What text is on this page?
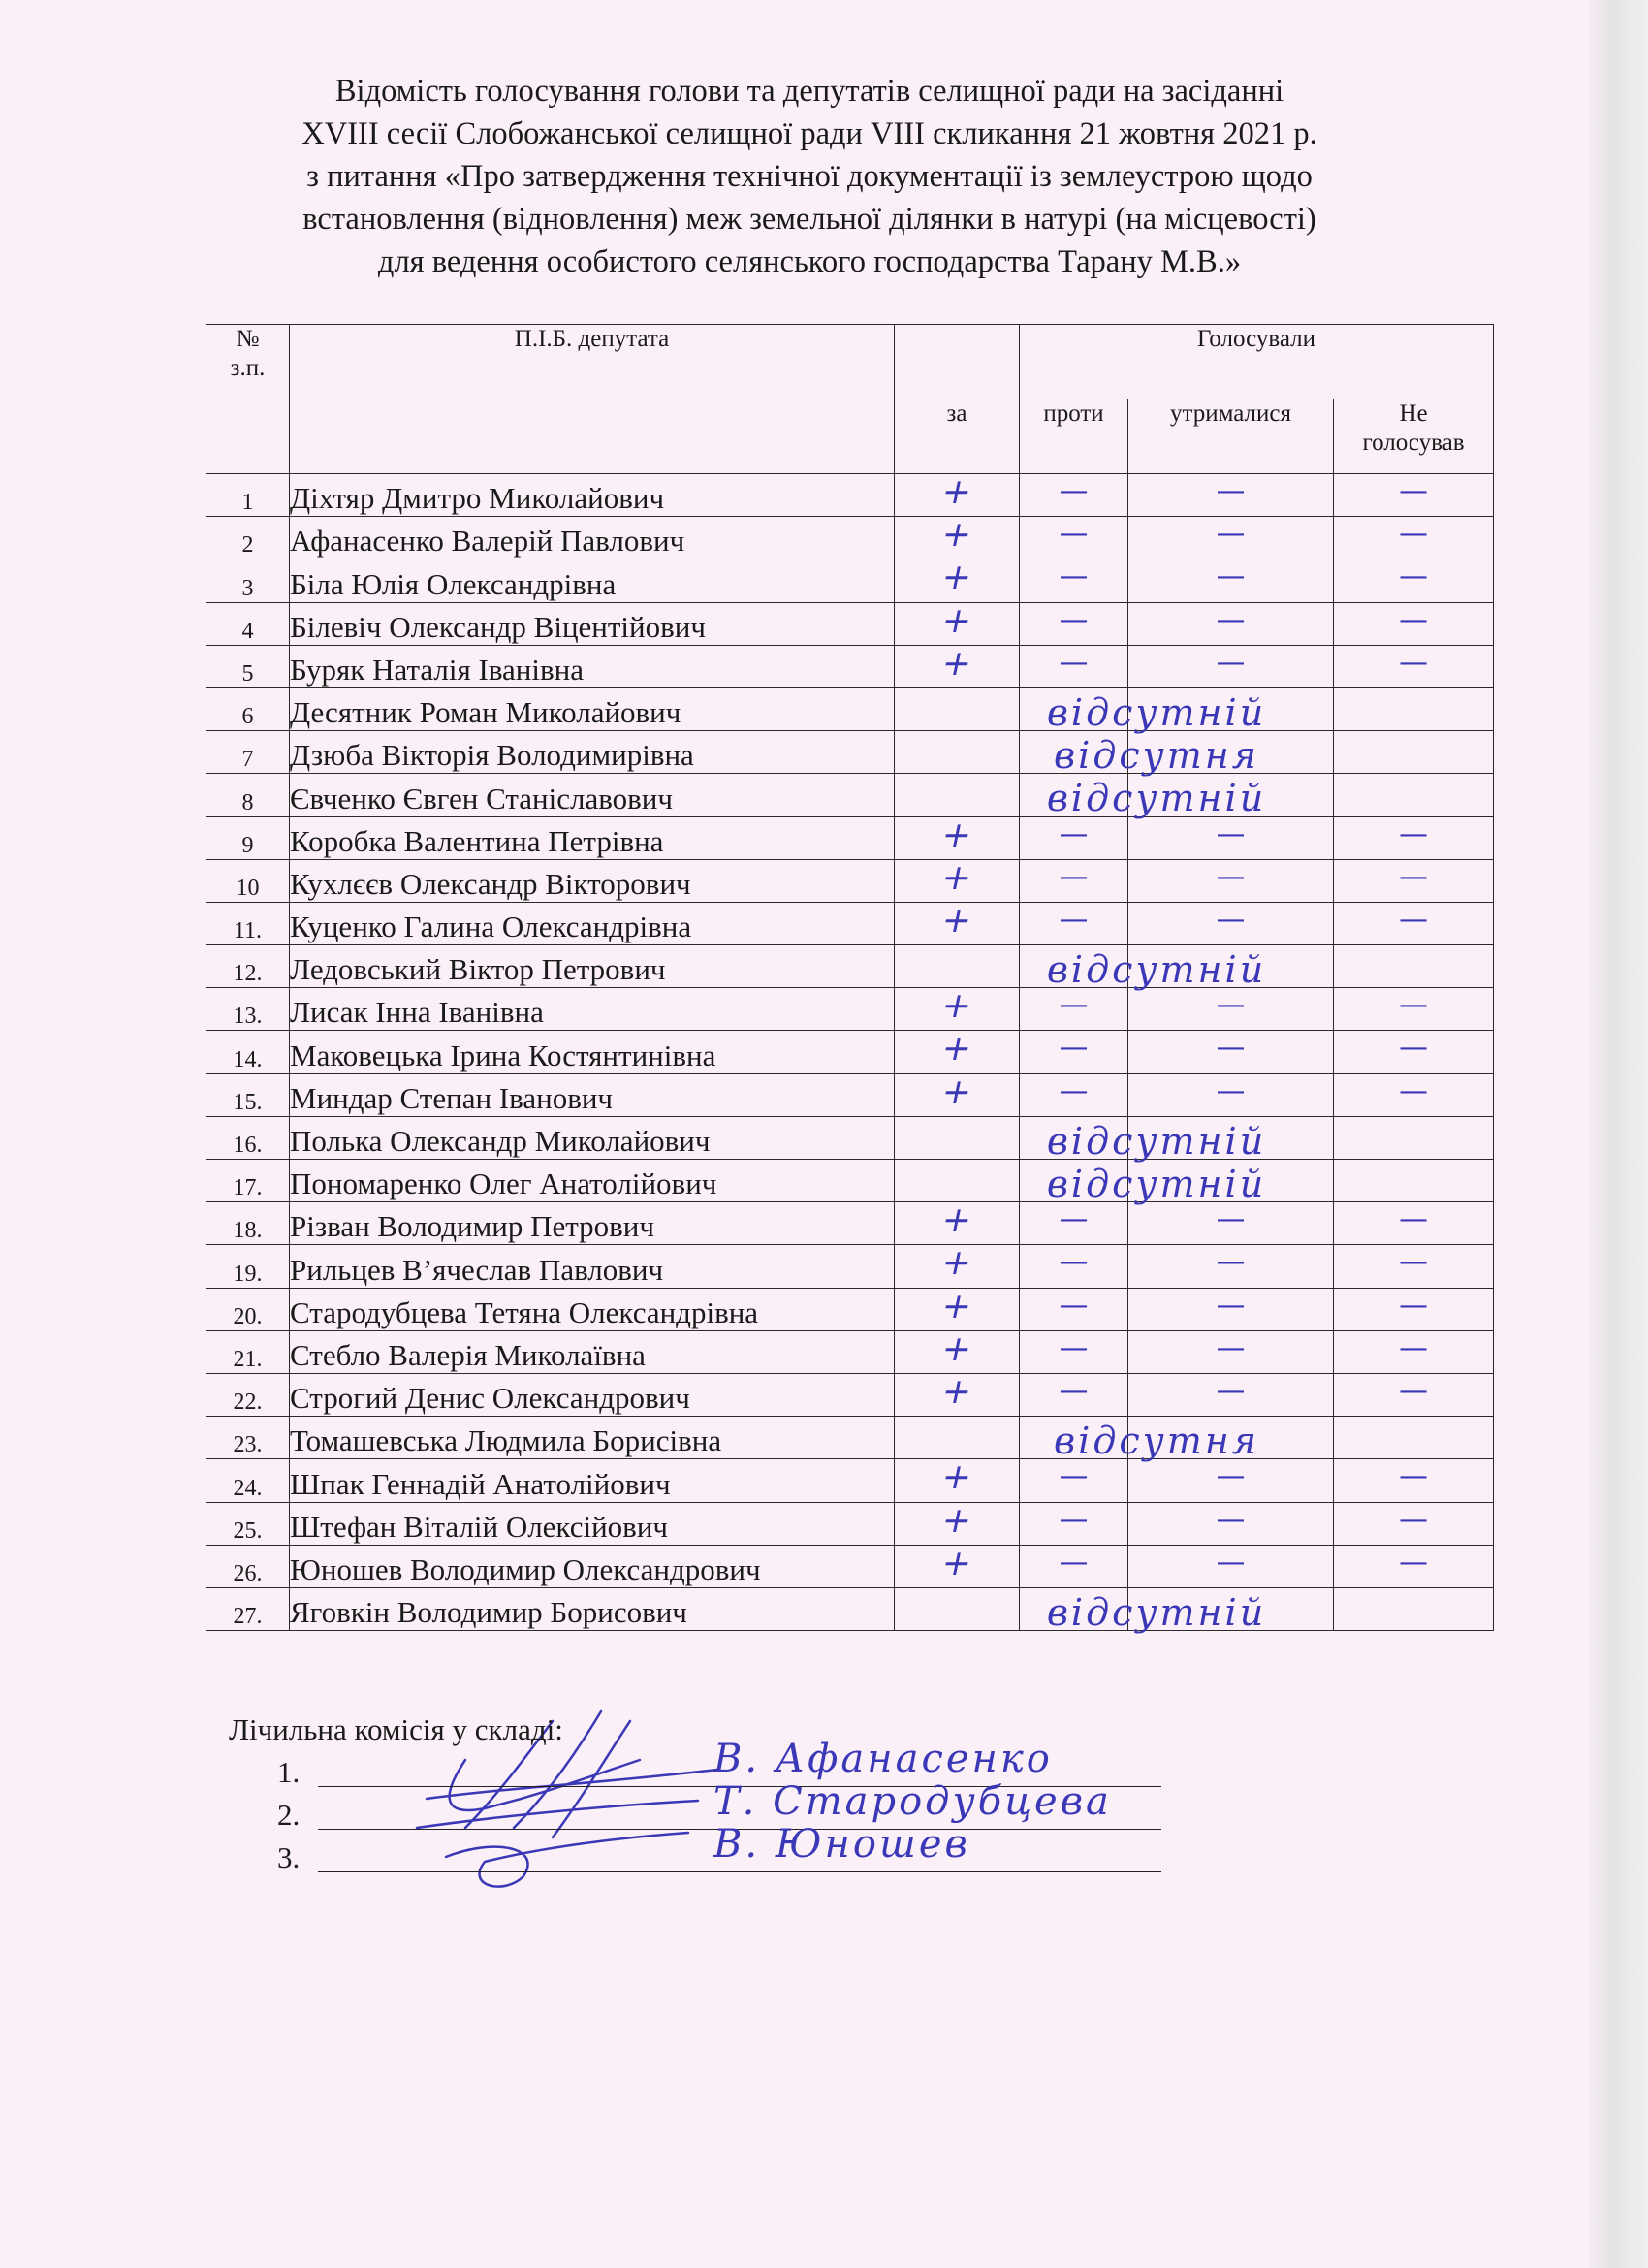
Відомість голосування голови та депутатів селищної ради на засіданні
XVIII сесії Слобожанської селищної ради VIII скликання 21 жовтня 2021 р.
з питання «Про затвердження технічної документації із землеустрою щодо
встановлення (відновлення) меж земельної ділянки в натурі (на місцевості)
для ведення особистого селянського господарства Тарану М.В.»
№ з.п.	П.І.Б. депутата		Голосували		
		за	проти	утрималися	Не голосував
1	Діхтяр Дмитро Миколайович	+	—	—	—

2	Афанасенко Валерій Павлович	+	—	—	—

3	Біла Юлія Олександрівна	+	—	—	—

4	Білевіч Олександр Віцентійович	+	—	—	—

5	Буряк Наталія Іванівна	+	—	—	—

6	Десятник Роман Миколайович	відсутній			

7	Дзюба Вікторія Володимирівна	відсутня			

8	Євченко Євген Станіславович	відсутній			

9	Коробка Валентина Петрівна	+	—	—	—

10	Кухлєєв Олександр Вікторович	+	—	—	—

11.	Куценко Галина Олександрівна	+	—	—	—

12.	Ледовський Віктор Петрович	відсутній			

13.	Лисак Інна Іванівна	+	—	—	—

14.	Маковецька Ірина Костянтинівна	+	—	—	—

15.	Миндар Степан Іванович	+	—	—	—

16.	Полька Олександр Миколайович	відсутній			

17.	Пономаренко Олег Анатолійович	відсутній			

18.	Різван Володимир Петрович	+	—	—	—

19.	Рильцев В’ячеслав Павлович	+	—	—	—

20.	Стародубцева Тетяна Олександрівна	+	—	—	—

21.	Стебло Валерія Миколаївна	+	—	—	—

22.	Строгий Денис Олександрович	+	—	—	—

23.	Томашевська Людмила Борисівна	відсутня			

24.	Шпак Геннадій Анатолійович	+	—	—	—

25.	Штефан Віталій Олексійович	+	—	—	—

26.	Юношев Володимир Олександрович	+	—	—	—

27.	Яговкін Володимир Борисович	відсутній			

Лічильна комісія у складі:
1.	В. Афанасенко
2.	Т. Стародубцева
3.	В. Юношев
